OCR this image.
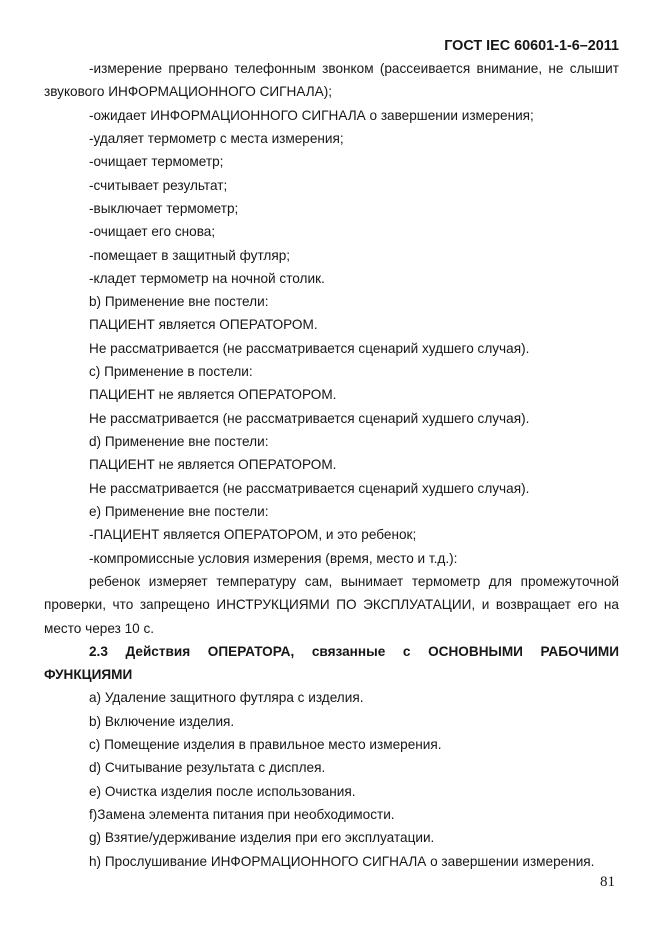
ГОСТ IEC 60601-1-6–2011

-измерение прервано телефонным звонком (рассеивается внимание, не слышит
звукового ИНФОРМАЦИОННОГО СИГНАЛА);

-ожидает ИНФОРМАЦИОННОГО СИГНАЛА о завершении измерения;

-удаляет термометр с места измерения;

-очищает термометр;

-считывает результат;

-выключает термометр;

-очищает его снова;

-помещает в защитный футляр;

-кладет термометр на ночной столик.

b) Применение вне постели:

ПАЦИЕНТ является ОПЕРАТОРОМ.

Не рассматривается (не рассматривается сценарий худшего случая).

c) Применение в постели:

ПАЦИЕНТ не является ОПЕРАТОРОМ.

Не рассматривается (не рассматривается сценарий худшего случая).

d) Применение вне постели:

ПАЦИЕНТ не является ОПЕРАТОРОМ.

Не рассматривается (не рассматривается сценарий худшего случая).

e) Применение вне постели:

-ПАЦИЕНТ является ОПЕРАТОРОМ, и это ребенок;

-компромиссные условия измерения (время, место и т.д.):

ребенок измеряет температуру сам, вынимает термометр для промежуточной
проверки, что запрещено ИНСТРУКЦИЯМИ ПО ЭКСПЛУАТАЦИИ, и возвращает его на
место через 10 с.

2.3 Действия ОПЕРАТОРА, связанные с ОСНОВНЫМИ РАБОЧИМИ
ФУНКЦИЯМИ

a) Удаление защитного футляра с изделия.

b) Включение изделия.

c) Помещение изделия в правильное место измерения.

d) Считывание результата с дисплея.

e) Очистка изделия после использования.

f)Замена элемента питания при необходимости.

g) Взятие/удерживание изделия при его эксплуатации.

h) Прослушивание ИНФОРМАЦИОННОГО СИГНАЛА о завершении измерения.

81
